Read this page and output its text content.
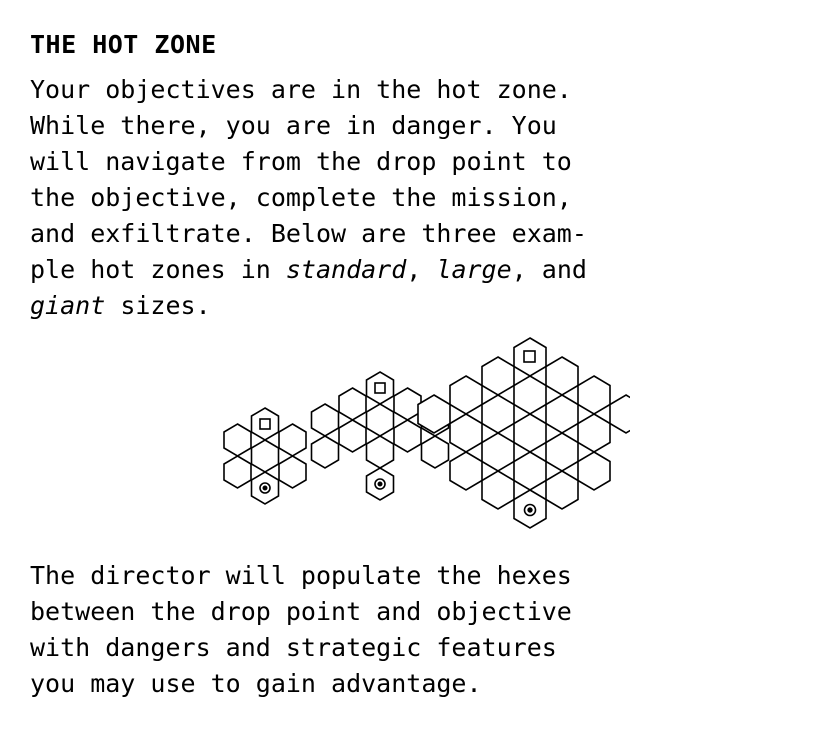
THE HOT ZONE
Your objectives are in the hot zone.
While there, you are in danger. You
will navigate from the drop point to
the objective, complete the mission,
and exfiltrate. Below are three exam-
ple hot zones in standard, large, and
giant sizes.
The director will populate the hexes
between the drop point and objective
with dangers and strategic features
you may use to gain advantage.
